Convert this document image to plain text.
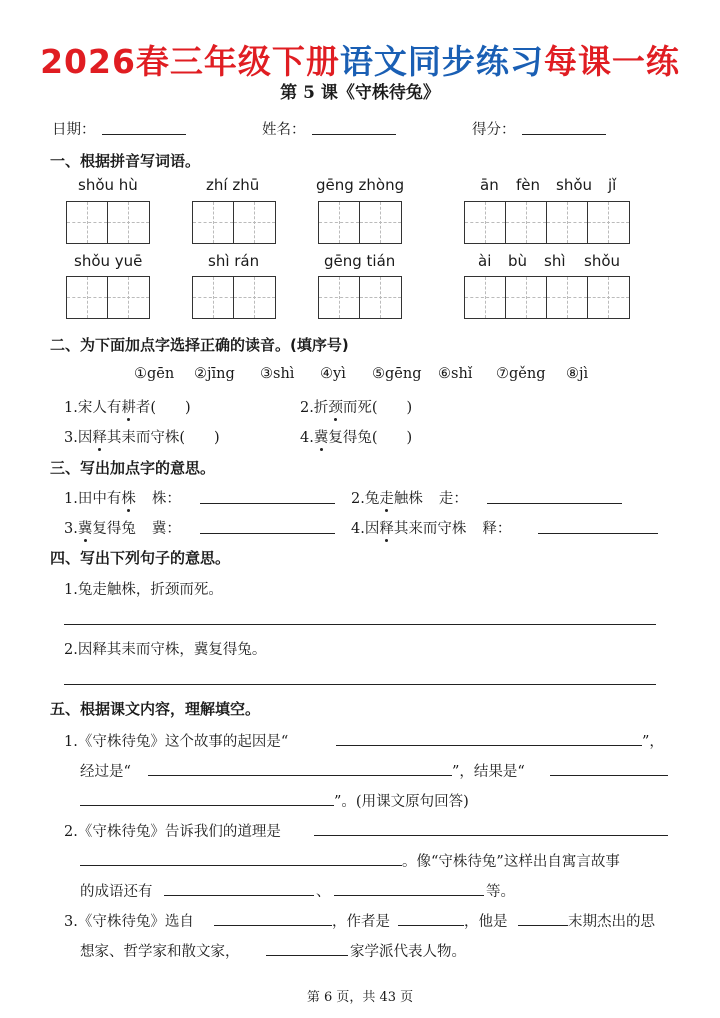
2026春三年级下册语文同步练习每课一练
第 5 课《守株待兔》
日期：	姓名：	得分：
一、根据拼音写词语。
shǒu hù	zhí zhū	gēng zhòng	ān fèn shǒu jǐ
shǒu yuē	shì rán	gēng tián	ài bù shì shǒu
二、为下面加点字选择正确的读音。(填序号)
①gēn ②jīng ③shì ④yì ⑤gēng ⑥shǐ ⑦gěng ⑧jì
1.宋人有耕者(　　)	2.折颈而死(　　)
3.因释其耒而守株(　　)	4.冀复得兔(　　)
三、写出加点字的意思。
1.田中有株 株：	2.兔走触株 走：
3.冀复得兔 冀：	4.因释其来而守株 释：
四、写出下列句子的意思。
1.兔走触株，折颈而死。
2.因释其耒而守株，冀复得兔。
五、根据课文内容，理解填空。
1.《守株待兔》这个故事的起因是“	”，
经过是“	”，结果是“
”。(用课文原句回答)
2.《守株待兔》告诉我们的道理是
。像“守株待兔”这样出自寓言故事
的成语还有	、	等。
3.《守株待兔》选自	，作者是	，他是	末期杰出的思
想家、哲学家和散文家，	家学派代表人物。
第 6 页，共 43 页
